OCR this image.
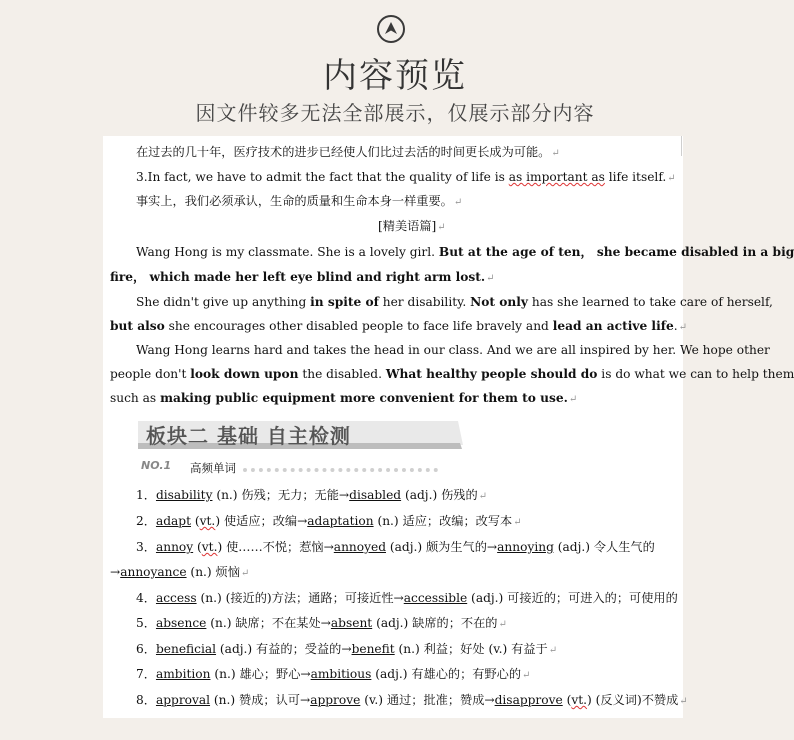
内容预览
因文件较多无法全部展示，仅展示部分内容
在过去的几十年，医疗技术的进步已经使人们比过去活的时间更长成为可能。↵
3.In fact, we have to admit the fact that the quality of life is as important as life itself.↵
事实上，我们必须承认，生命的质量和生命本身一样重要。↵
[精美语篇]↵
Wang Hong is my classmate. She is a lovely girl. But at the age of ten， she became disabled in a big
fire， which made her left eye blind and right arm lost.↵
She didn't give up anything in spite of her disability. Not only has she learned to take care of herself,
but also she encourages other disabled people to face life bravely and lead an active life.↵
Wang Hong learns hard and takes the head in our class. And we are all inspired by her. We hope other
people don't look down upon the disabled. What healthy people should do is do what we can to help them
such as making public equipment more convenient for them to use.↵
板块二 基础 自主检测
NO.1 高频单词
1．disability (n.) 伤残；无力；无能→disabled (adj.) 伤残的↵
2．adapt (vt.) 使适应；改编→adaptation (n.) 适应；改编；改写本↵
3．annoy (vt.) 使……不悦；惹恼→annoyed (adj.) 颇为生气的→annoying (adj.) 令人生气的
→annoyance (n.) 烦恼↵
4．access (n.) (接近的)方法；通路；可接近性→accessible (adj.) 可接近的；可进入的；可使用的
5．absence (n.) 缺席；不在某处→absent (adj.) 缺席的；不在的↵
6．beneficial (adj.) 有益的；受益的→benefit (n.) 利益；好处 (v.) 有益于↵
7．ambition (n.) 雄心；野心→ambitious (adj.) 有雄心的；有野心的↵
8．approval (n.) 赞成；认可→approve (v.) 通过；批准；赞成→disapprove (vt.) (反义词)不赞成↵
